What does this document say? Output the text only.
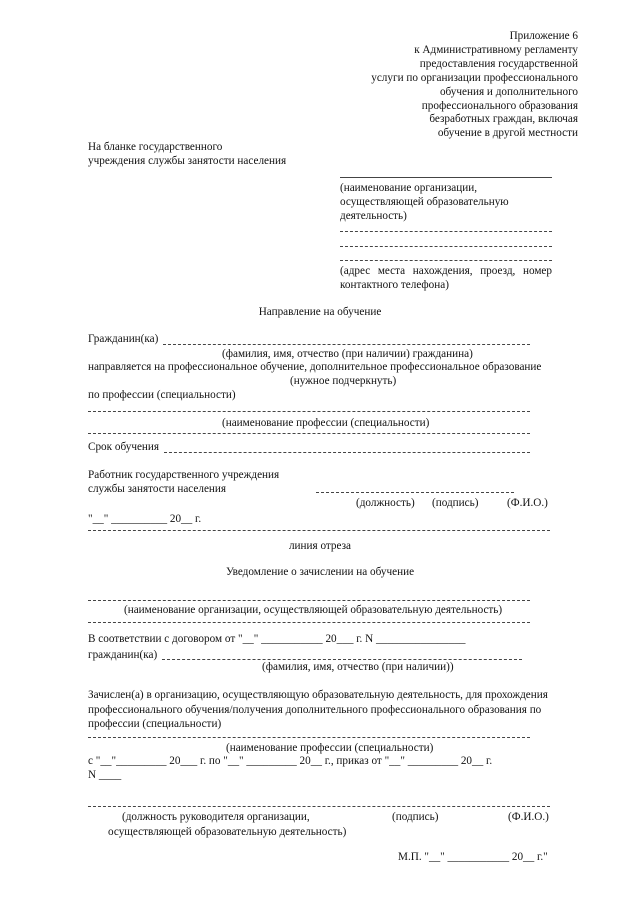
Приложение 6
к Административному регламенту
предоставления государственной
услуги по организации профессионального
обучения и дополнительного
профессионального образования
безработных граждан, включая
обучение в другой местности
На бланке государственного
учреждения службы занятости населения
(наименование организации,
осуществляющей образовательную
деятельность)
(адрес места нахождения, проезд, номер
контактного телефона)
Направление на обучение
Гражданин(ка)
(фамилия, имя, отчество (при наличии) гражданина)
направляется на профессиональное обучение, дополнительное профессиональное образование
(нужное подчеркнуть)
по профессии (специальности)
(наименование профессии (специальности)
Срок обучения
Работник государственного учреждения
службы занятости населения
(должность) (подпись)	(Ф.И.О.)
"__" __________ 20__ г.
линия отреза
Уведомление о зачислении на обучение
(наименование организации, осуществляющей образовательную деятельность)
В соответствии с договором от "__" ___________ 20___ г. N ________________
гражданин(ка)
(фамилия, имя, отчество (при наличии))
Зачислен(а) в организацию, осуществляющую образовательную деятельность, для прохождения
профессионального обучения/получения дополнительного профессионального образования по
профессии (специальности)
(наименование профессии (специальности)
с "__"_________ 20___ г. по "__" _________ 20__ г., приказ от "__" _________ 20__ г.
N ____
(должность руководителя организации,
осуществляющей образовательную деятельность)
(подпись)	(Ф.И.О.)
М.П. "__" ___________ 20__ г."
